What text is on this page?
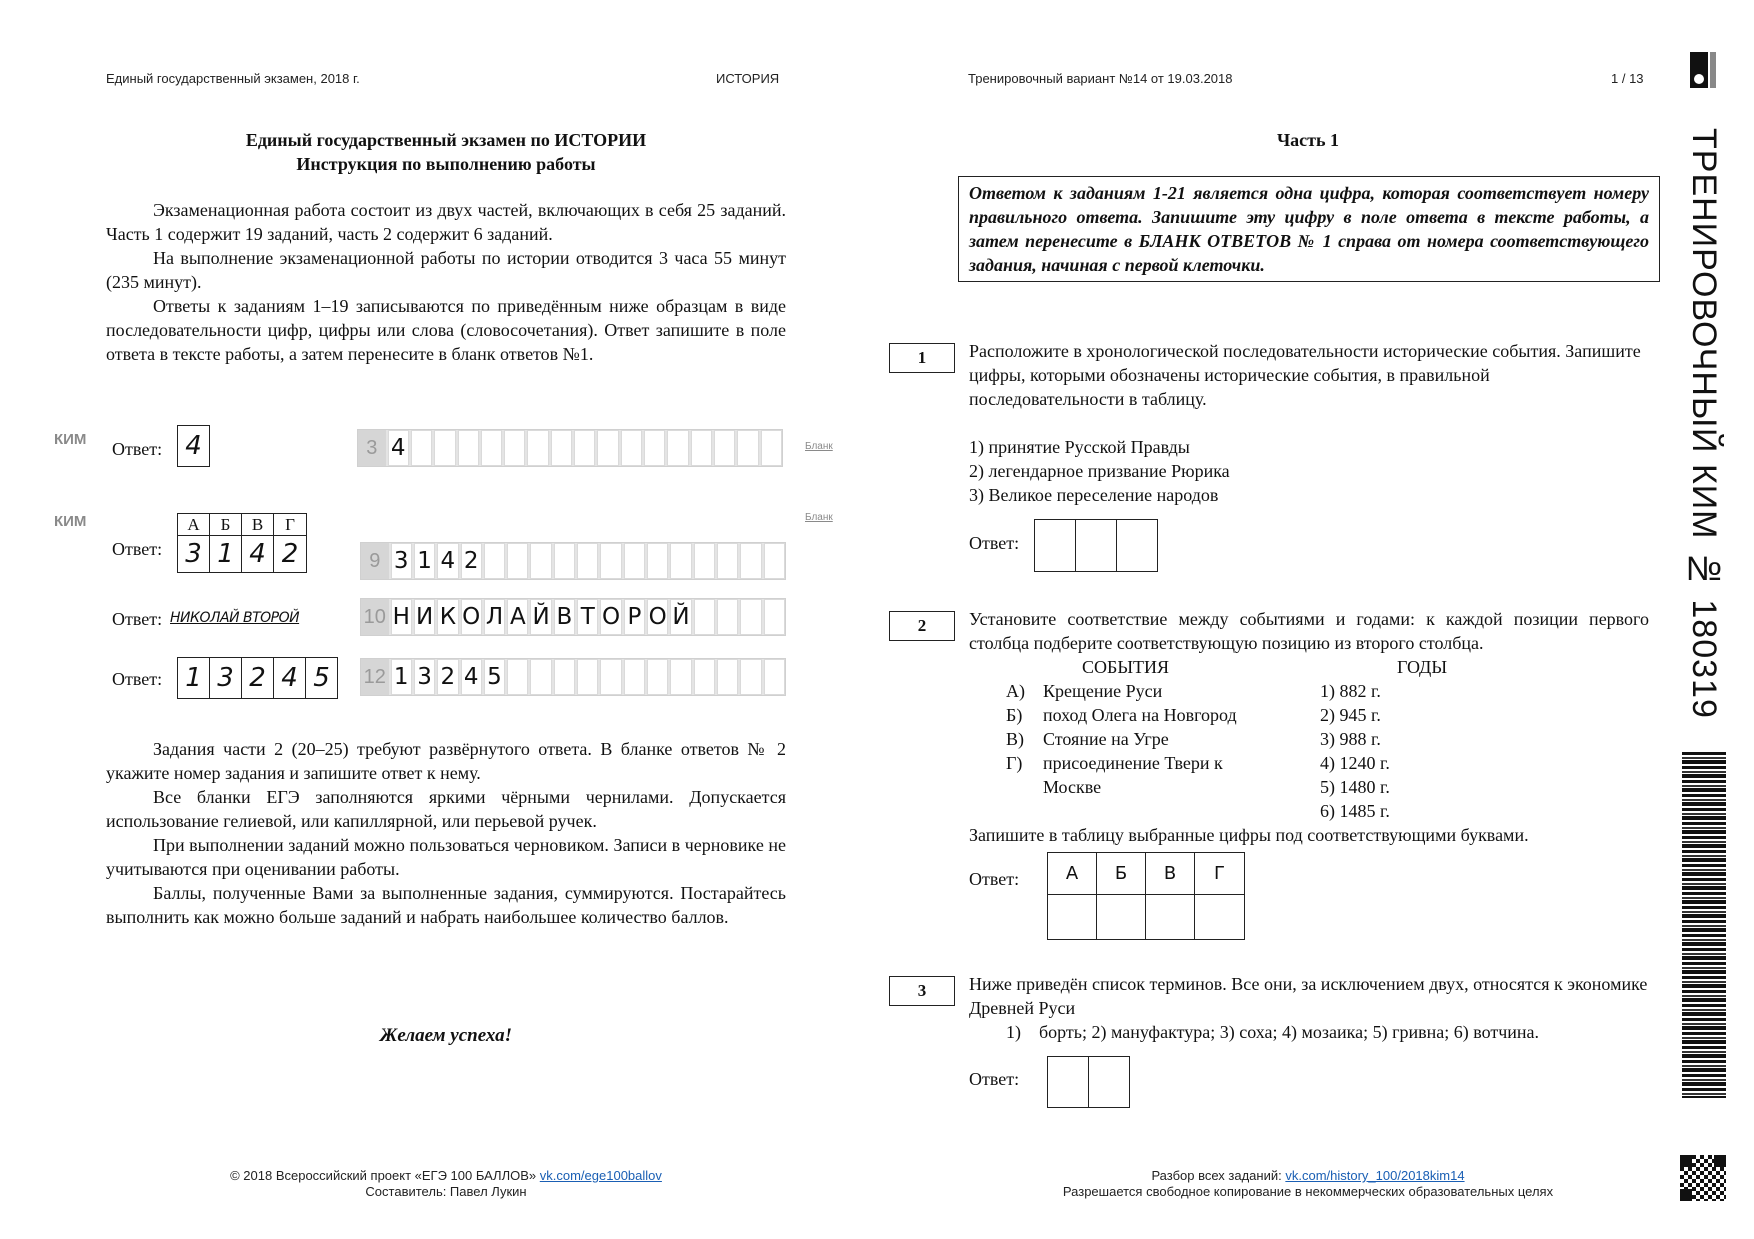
Единый государственный экзамен, 2018 г.	ИСТОРИЯ	Тренировочный вариант №14 от 19.03.2018	1 / 13
Единый государственный экзамен по ИСТОРИИ
Инструкция по выполнению работы

Экзаменационная работа состоит из двух частей, включающих в себя 25 заданий. Часть 1 содержит 19 заданий, часть 2 содержит 6 заданий.

На выполнение экзаменационной работы по истории отводится 3 часа 55 минут (235 минут).

Ответы к заданиям 1–19 записываются по приведённым ниже образцам в виде последовательности цифр, цифры или слова (словосочетания). Ответ запишите в поле ответа в тексте работы, а затем перенесите в бланк ответов №1.

КИМ Ответ: 4	3 4	Бланк
КИМ	Бланк
Ответ:
А	Б	В	Г
3 1 4 2	9 3 1 4 2
Ответ: НИКОЛАЙ ВТОРОЙ	10 Н И К О Л А Й В Т О Р О Й
Ответ: 1 3 2 4 5	12 1 3 2 4 5

Задания части 2 (20–25) требуют развёрнутого ответа. В бланке ответов № 2 укажите номер задания и запишите ответ к нему.

Все бланки ЕГЭ заполняются яркими чёрными чернилами. Допускается использование гелиевой, или капиллярной, или перьевой ручек.

При выполнении заданий можно пользоваться черновиком. Записи в черновике не учитываются при оценивании работы.

Баллы, полученные Вами за выполненные задания, суммируются. Постарайтесь выполнить как можно больше заданий и набрать наибольшее количество баллов.

Желаем успеха!
© 2018 Всероссийский проект «ЕГЭ 100 БАЛЛОВ» vk.com/ege100ballov
Составитель: Павел Лукин
Часть 1
Ответом к заданиям 1-21 является одна цифра, которая соответствует номеру правильного ответа. Запишите эту цифру в поле ответа в тексте работы, а затем перенесите в БЛАНК ОТВЕТОВ № 1 справа от номера соответствующего задания, начиная с первой клеточки.
1	Расположите в хронологической последовательности исторические события. Запишите цифры, которыми обозначены исторические события, в правильной последовательности в таблицу.
1) принятие Русской Правды
2) легендарное призвание Рюрика
3) Великое переселение народов
Ответ:
2	Установите соответствие между событиями и годами: к каждой позиции первого столбца подберите соответствующую позицию из второго столбца.
СОБЫТИЯ	ГОДЫ
А)	Крещение Руси
Б)	поход Олега на Новгород
В)	Стояние на Угре
Г)	присоединение Твери к Москве
1) 882 г.
2) 945 г.
3) 988 г.
4) 1240 г.
5) 1480 г.
6) 1485 г.
Запишите в таблицу выбранные цифры под соответствующими буквами.
Ответ:	А	Б	В	Г
3	Ниже приведён список терминов. Все они, за исключением двух, относятся к экономике Древней Руси
1)    борть; 2) мануфактура; 3) соха; 4) мозаика; 5) гривна; 6) вотчина.
Ответ:
Разбор всех заданий: vk.com/history_100/2018kim14
Разрешается свободное копирование в некоммерческих образовательных целях
ТРЕНИРОВОЧНЫЙ КИМ № 180319
